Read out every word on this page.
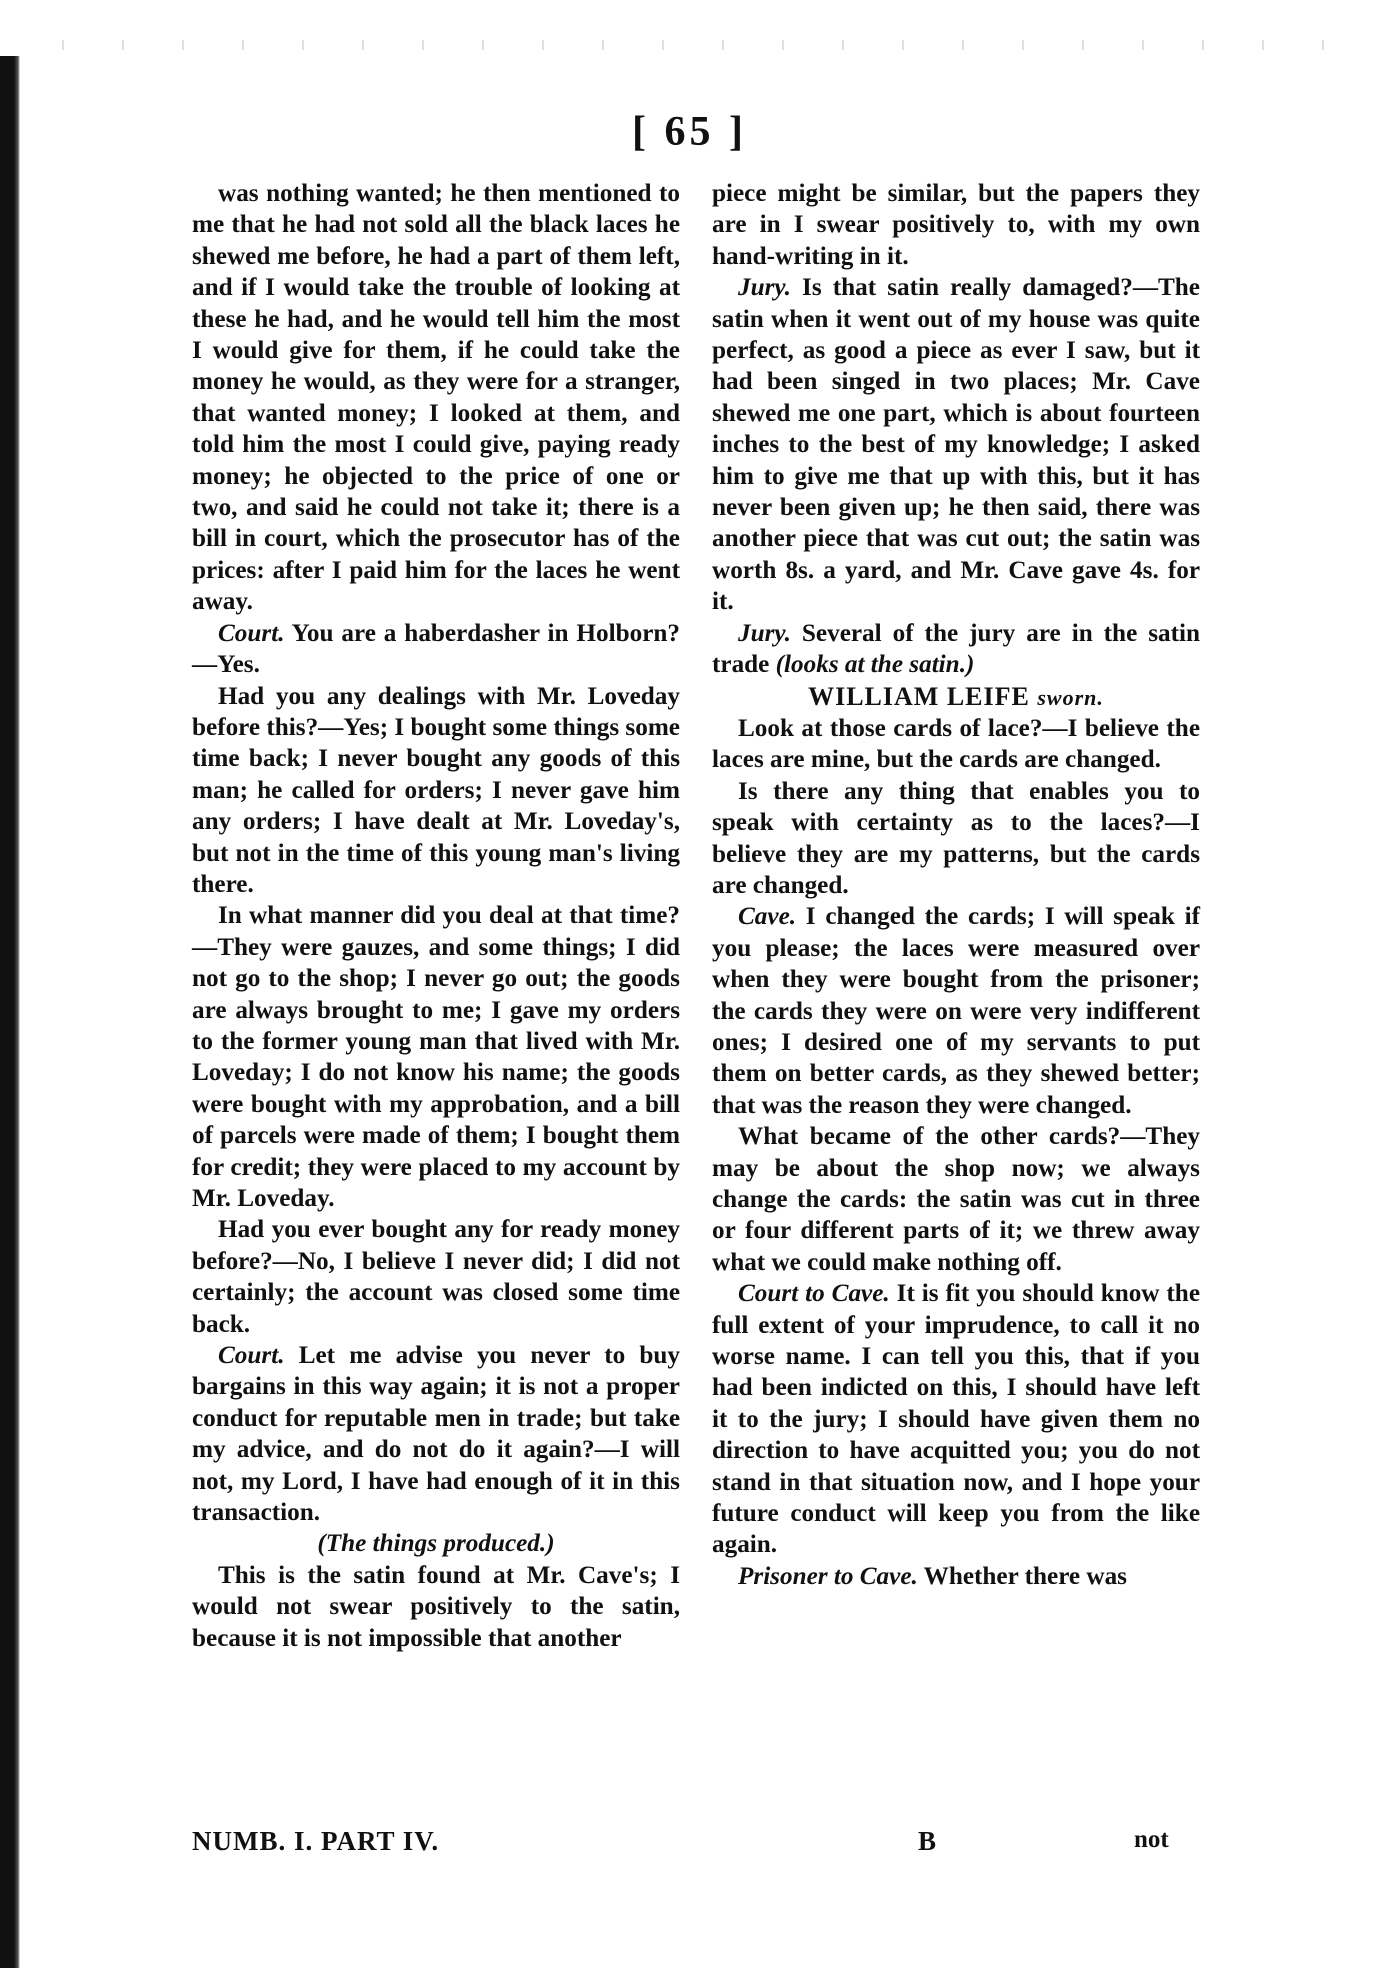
[ 65 ]

was nothing wanted; he then mentioned to me that he had not sold all the black laces he shewed me before, he had a part of them left, and if I would take the trouble of looking at these he had, and he would tell him the most I would give for them, if he could take the money he would, as they were for a stranger, that wanted money; I looked at them, and told him the most I could give, paying ready money; he objected to the price of one or two, and said he could not take it; there is a bill in court, which the prosecutor has of the prices: after I paid him for the laces he went away.

Court. You are a haberdasher in Holborn?—Yes.

Had you any dealings with Mr. Loveday before this?—Yes; I bought some things some time back; I never bought any goods of this man; he called for orders; I never gave him any orders; I have dealt at Mr. Loveday's, but not in the time of this young man's living there.

In what manner did you deal at that time?—They were gauzes, and some things; I did not go to the shop; I never go out; the goods are always brought to me; I gave my orders to the former young man that lived with Mr. Loveday; I do not know his name; the goods were bought with my approbation, and a bill of parcels were made of them; I bought them for credit; they were placed to my account by Mr. Loveday.

Had you ever bought any for ready money before?—No, I believe I never did; I did not certainly; the account was closed some time back.

Court. Let me advise you never to buy bargains in this way again; it is not a proper conduct for reputable men in trade; but take my advice, and do not do it again?—I will not, my Lord, I have had enough of it in this transaction.

(The things produced.)

This is the satin found at Mr. Cave's; I would not swear positively to the satin, because it is not impossible that another

piece might be similar, but the papers they are in I swear positively to, with my own hand-writing in it.

Jury. Is that satin really damaged?—The satin when it went out of my house was quite perfect, as good a piece as ever I saw, but it had been singed in two places; Mr. Cave shewed me one part, which is about fourteen inches to the best of my knowledge; I asked him to give me that up with this, but it has never been given up; he then said, there was another piece that was cut out; the satin was worth 8s. a yard, and Mr. Cave gave 4s. for it.

Jury. Several of the jury are in the satin trade (looks at the satin.)

WILLIAM LEIFE sworn.

Look at those cards of lace?—I believe the laces are mine, but the cards are changed.

Is there any thing that enables you to speak with certainty as to the laces?—I believe they are my patterns, but the cards are changed.

Cave. I changed the cards; I will speak if you please; the laces were measured over when they were bought from the prisoner; the cards they were on were very indifferent ones; I desired one of my servants to put them on better cards, as they shewed better; that was the reason they were changed.

What became of the other cards?—They may be about the shop now; we always change the cards: the satin was cut in three or four different parts of it; we threw away what we could make nothing off.

Court to Cave. It is fit you should know the full extent of your imprudence, to call it no worse name. I can tell you this, that if you had been indicted on this, I should have left it to the jury; I should have given them no direction to have acquitted you; you do not stand in that situation now, and I hope your future conduct will keep you from the like again.

Prisoner to Cave. Whether there was

NUMB. I. PART IV.	B	not
